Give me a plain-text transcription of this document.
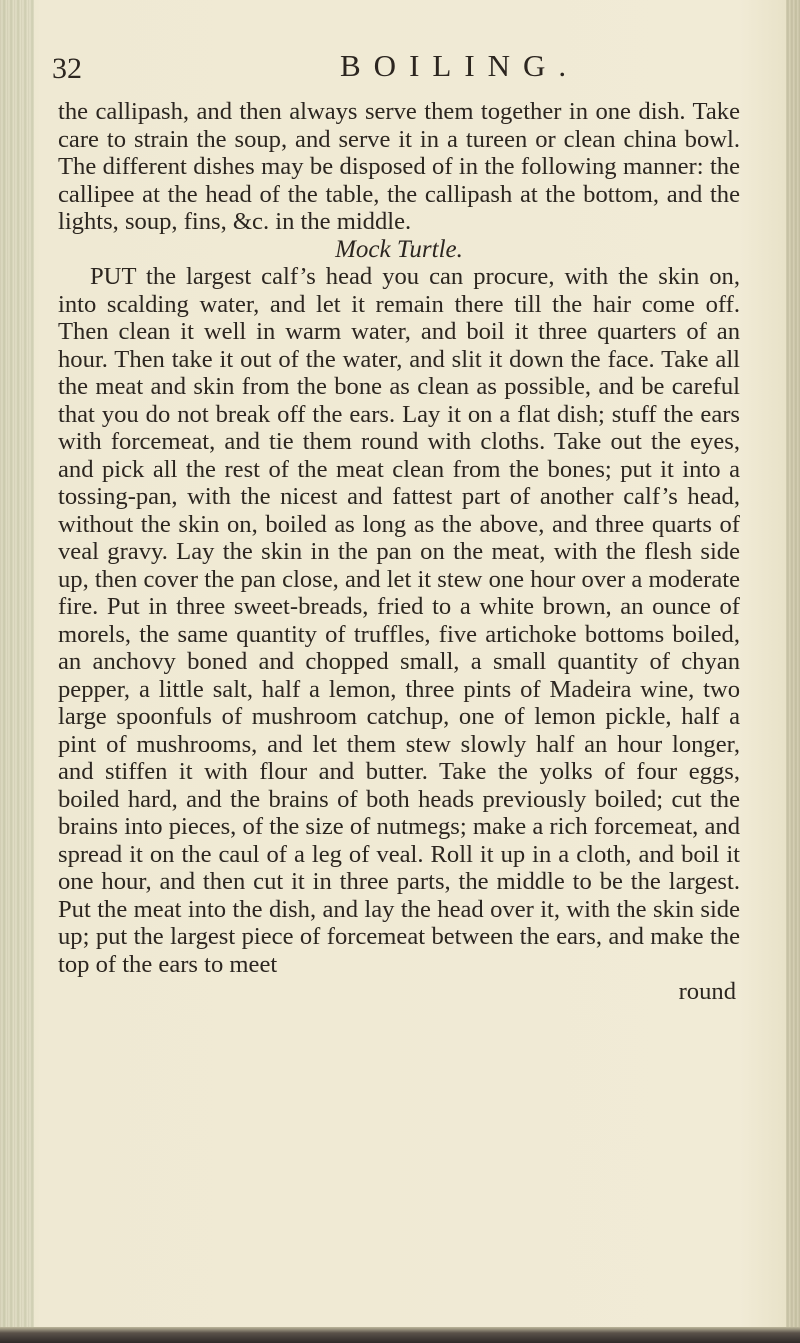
32	BOILING.

the callipash, and then always serve them together in one dish. Take care to strain the soup, and serve it in a tureen or clean china bowl. The different dishes may be disposed of in the following manner: the callipee at the head of the table, the callipash at the bottom, and the lights, soup, fins, &c. in the middle.

Mock Turtle.

PUT the largest calf’s head you can procure, with the skin on, into scalding water, and let it remain there till the hair come off. Then clean it well in warm water, and boil it three quarters of an hour. Then take it out of the water, and slit it down the face. Take all the meat and skin from the bone as clean as possible, and be careful that you do not break off the ears. Lay it on a flat dish; stuff the ears with forcemeat, and tie them round with cloths. Take out the eyes, and pick all the rest of the meat clean from the bones; put it into a tossing-pan, with the nicest and fattest part of another calf’s head, without the skin on, boiled as long as the above, and three quarts of veal gravy. Lay the skin in the pan on the meat, with the flesh side up, then cover the pan close, and let it stew one hour over a moderate fire. Put in three sweet-breads, fried to a white brown, an ounce of morels, the same quantity of truffles, five artichoke bottoms boiled, an anchovy boned and chopped small, a small quantity of chyan pepper, a little salt, half a lemon, three pints of Madeira wine, two large spoonfuls of mushroom catchup, one of lemon pickle, half a pint of mushrooms, and let them stew slowly half an hour longer, and stiffen it with flour and butter. Take the yolks of four eggs, boiled hard, and the brains of both heads previously boiled; cut the brains into pieces, of the size of nutmegs; make a rich forcemeat, and spread it on the caul of a leg of veal. Roll it up in a cloth, and boil it one hour, and then cut it in three parts, the middle to be the largest. Put the meat into the dish, and lay the head over it, with the skin side up; put the largest piece of forcemeat between the ears, and make the top of the ears to meet

round
